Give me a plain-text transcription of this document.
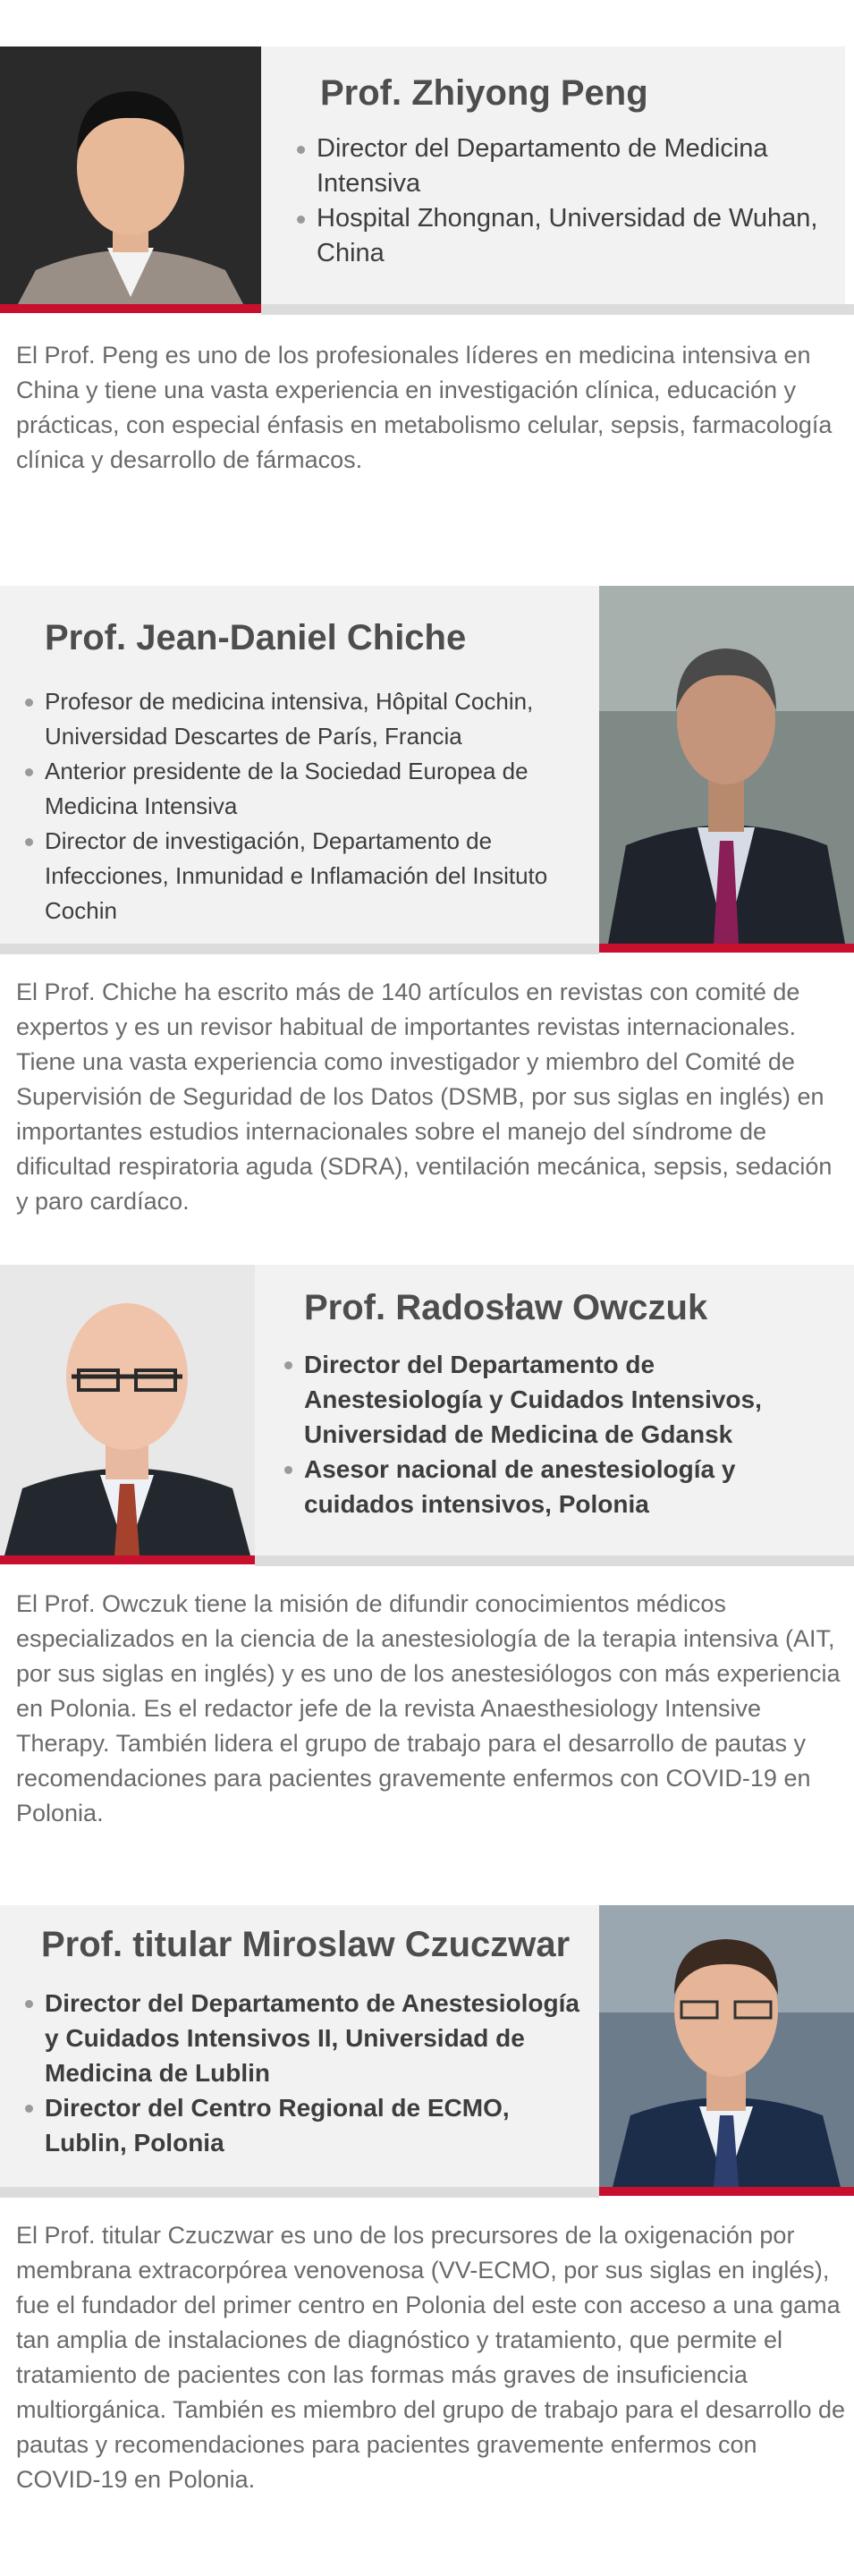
Prof. Zhiyong Peng
Director del Departamento de Medicina Intensiva
Hospital Zhongnan, Universidad de Wuhan, China

El Prof. Peng es uno de los profesionales líderes en medicina intensiva en China y tiene una vasta experiencia en investigación clínica, educación y prácticas, con especial énfasis en metabolismo celular, sepsis, farmacología clínica y desarrollo de fármacos.

Prof. Jean-Daniel Chiche
Profesor de medicina intensiva, Hôpital Cochin, Universidad Descartes de París, Francia
Anterior presidente de la Sociedad Europea de Medicina Intensiva
Director de investigación, Departamento de Infecciones, Inmunidad e Inflamación del Insituto Cochin

El Prof. Chiche ha escrito más de 140 artículos en revistas con comité de expertos y es un revisor habitual de importantes revistas internacionales. Tiene una vasta experiencia como investigador y miembro del Comité de Supervisión de Seguridad de los Datos (DSMB, por sus siglas en inglés) en importantes estudios internacionales sobre el manejo del síndrome de dificultad respiratoria aguda (SDRA), ventilación mecánica, sepsis, sedación y paro cardíaco.

Prof. Radosław Owczuk
Director del Departamento de Anestesiología y Cuidados Intensivos, Universidad de Medicina de Gdansk
Asesor nacional de anestesiología y cuidados intensivos, Polonia

El Prof. Owczuk tiene la misión de difundir conocimientos médicos especializados en la ciencia de la anestesiología de la terapia intensiva (AIT, por sus siglas en inglés) y es uno de los anestesiólogos con más experiencia en Polonia. Es el redactor jefe de la revista Anaesthesiology Intensive Therapy. También lidera el grupo de trabajo para el desarrollo de pautas y recomendaciones para pacientes gravemente enfermos con COVID-19 en Polonia.

Prof. titular Miroslaw Czuczwar
Director del Departamento de Anestesiología y Cuidados Intensivos II, Universidad de Medicina de Lublin
Director del Centro Regional de ECMO, Lublin, Polonia

El Prof. titular Czuczwar es uno de los precursores de la oxigenación por membrana extracorpórea venovenosa (VV-ECMO, por sus siglas en inglés), fue el fundador del primer centro en Polonia del este con acceso a una gama tan amplia de instalaciones de diagnóstico y tratamiento, que permite el tratamiento de pacientes con las formas más graves de insuficiencia multiorgánica. También es miembro del grupo de trabajo para el desarrollo de pautas y recomendaciones para pacientes gravemente enfermos con COVID-19 en Polonia.
